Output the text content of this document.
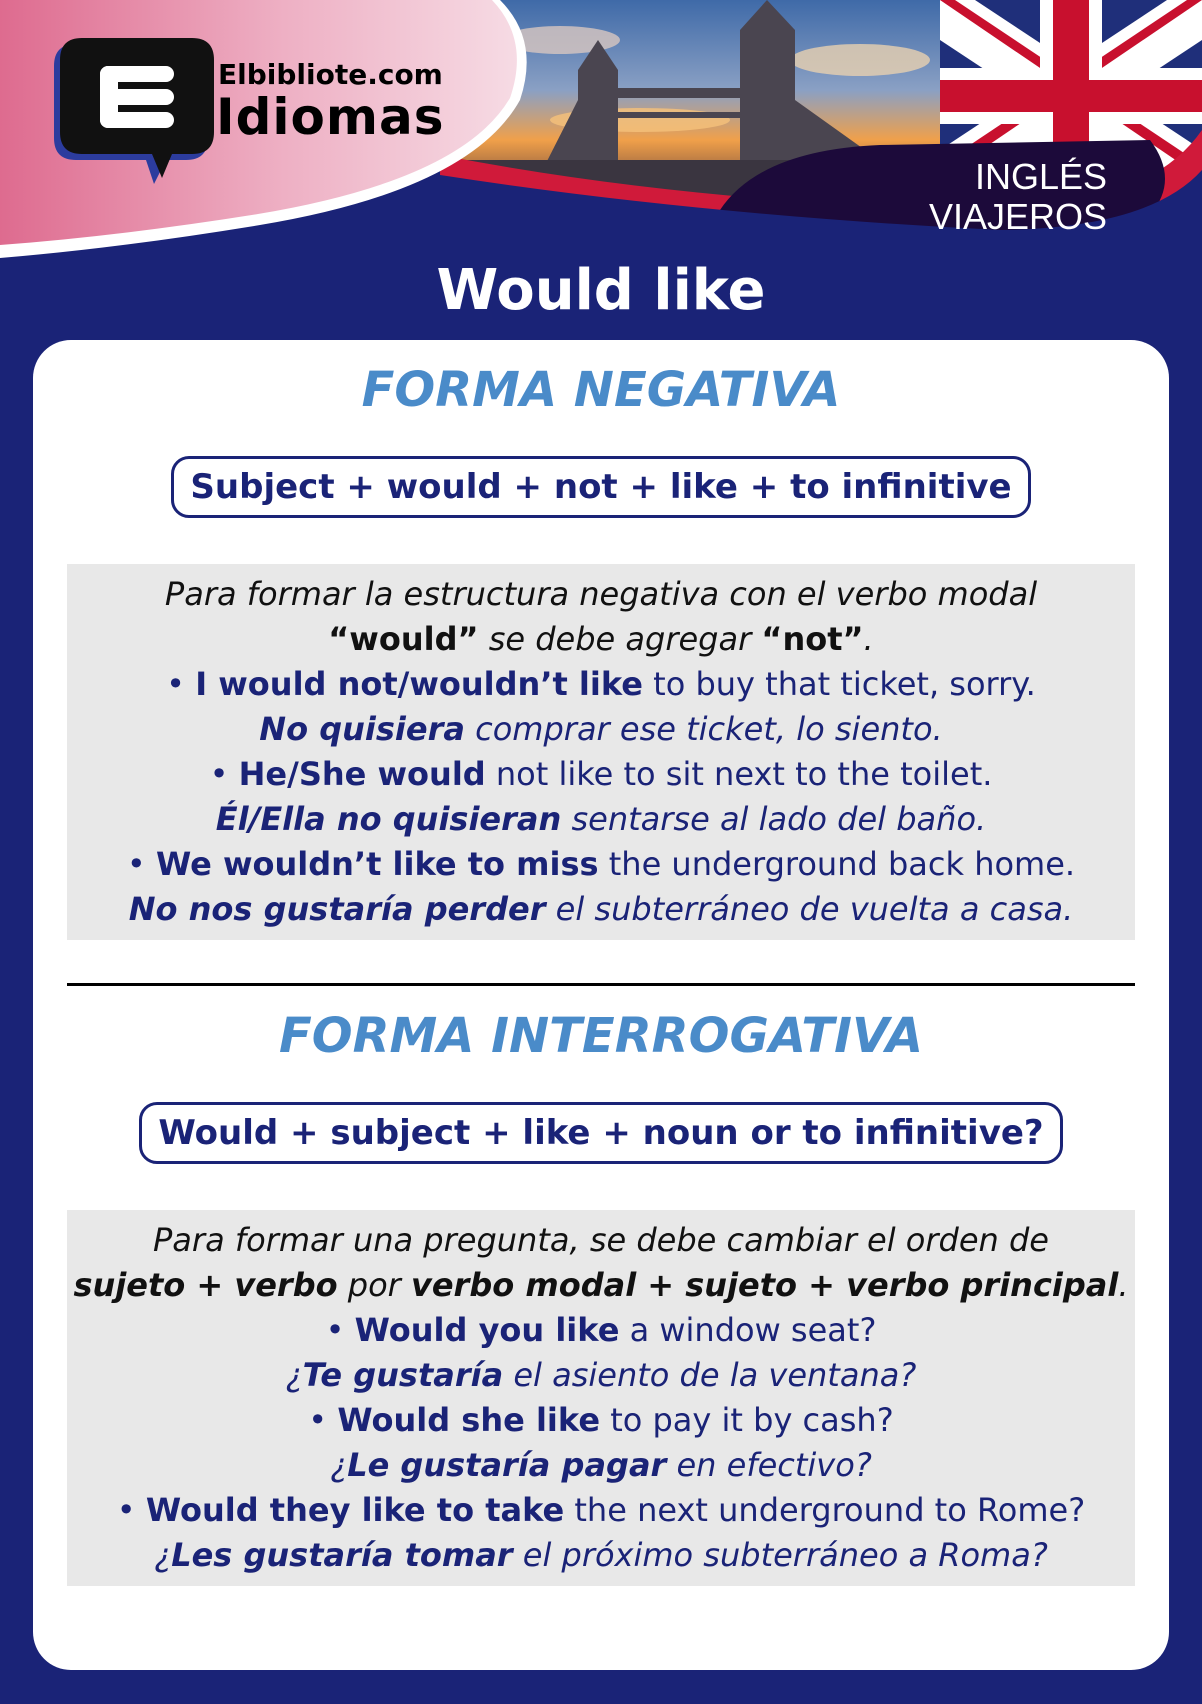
Elbibliote.com
Idiomas
INGLÉS
VIAJEROS
Would like
FORMA NEGATIVA
Subject + would + not + like + to infinitive

Para formar la estructura negativa con el verbo modal
“would” se debe agregar “not”.

• I would not/wouldn’t like to buy that ticket, sorry.

No quisiera comprar ese ticket, lo siento.

• He/She would not like to sit next to the toilet.

Él/Ella no quisieran sentarse al lado del baño.

• We wouldn’t like to miss the underground back home.

No nos gustaría perder el subterráneo de vuelta a casa.

FORMA INTERROGATIVA
Would + subject + like + noun or to infinitive?

Para formar una pregunta, se debe cambiar el orden de
sujeto + verbo por verbo modal + sujeto + verbo principal.

• Would you like a window seat?

¿Te gustaría el asiento de la ventana?

• Would she like to pay it by cash?

¿Le gustaría pagar en efectivo?

• Would they like to take the next underground to Rome?

¿Les gustaría tomar el próximo subterráneo a Roma?
